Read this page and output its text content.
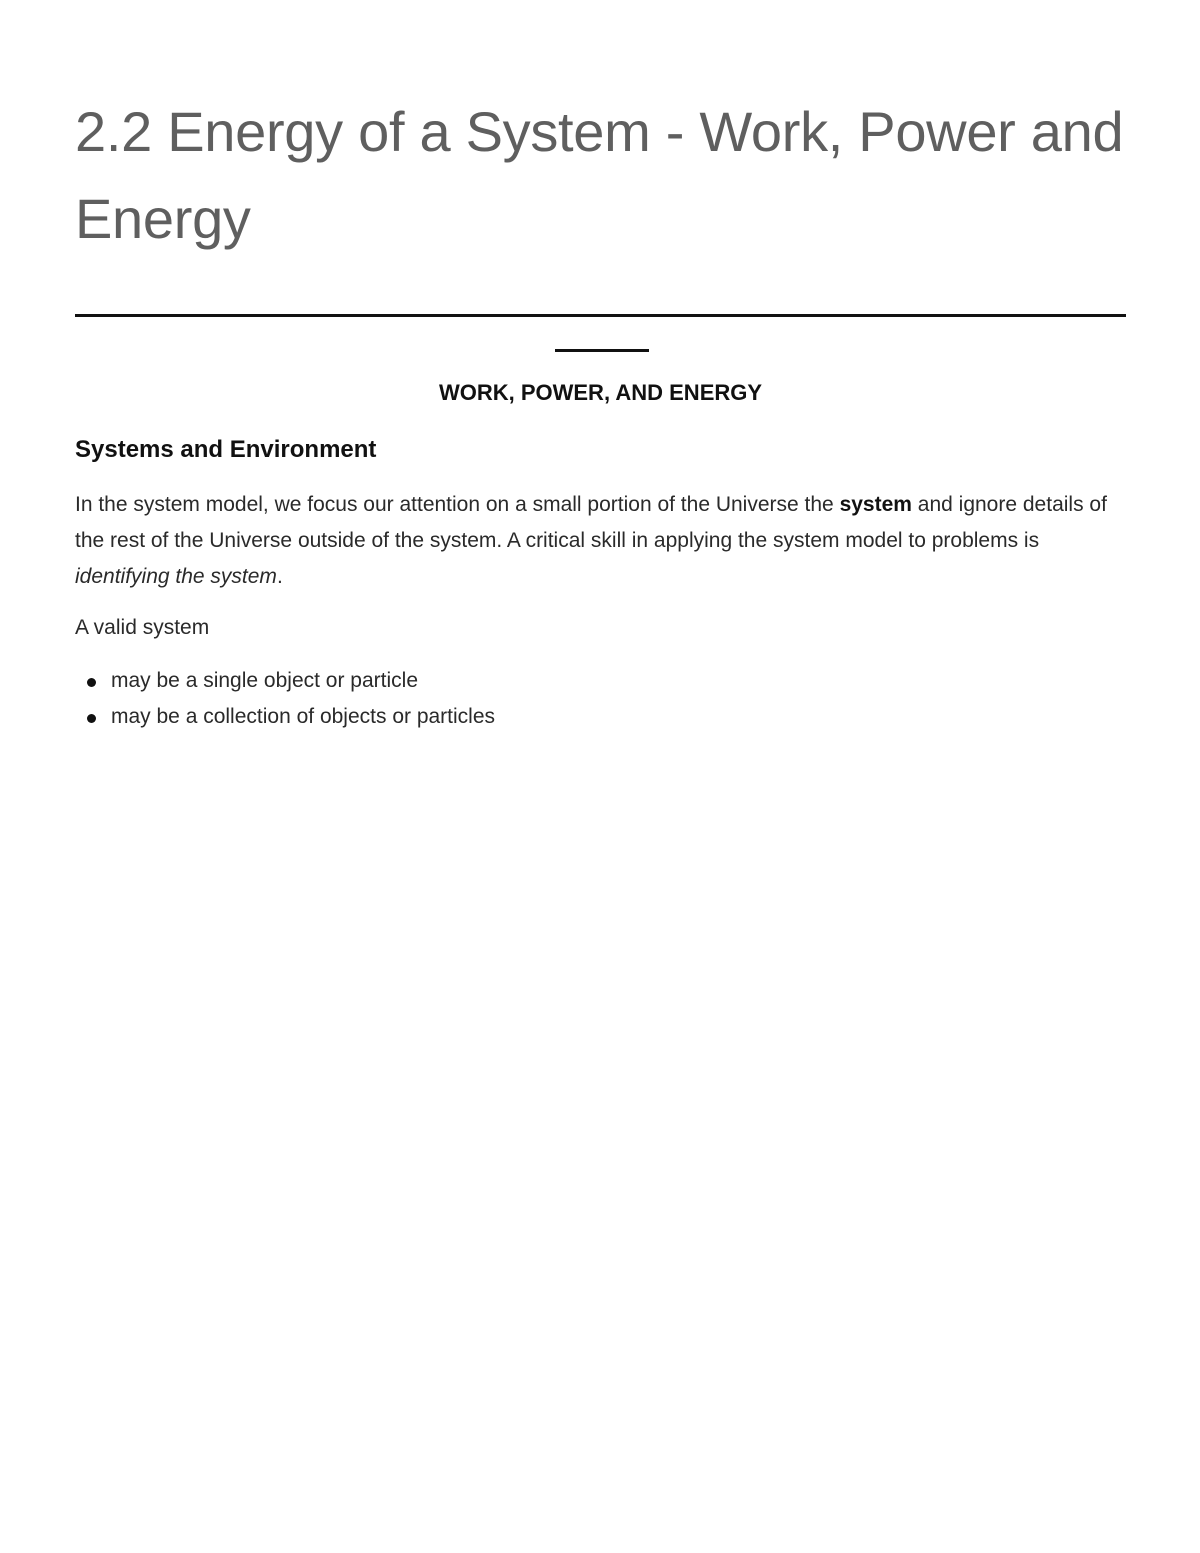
2.2 Energy of a System - Work, Power and Energy
WORK, POWER, AND ENERGY
Systems and Environment

In the system model, we focus our attention on a small portion of the Universe the system and ignore details of the rest of the Universe outside of the system. A critical skill in applying the system model to problems is identifying the system.

A valid system

may be a single object or particle
may be a collection of objects or particles
